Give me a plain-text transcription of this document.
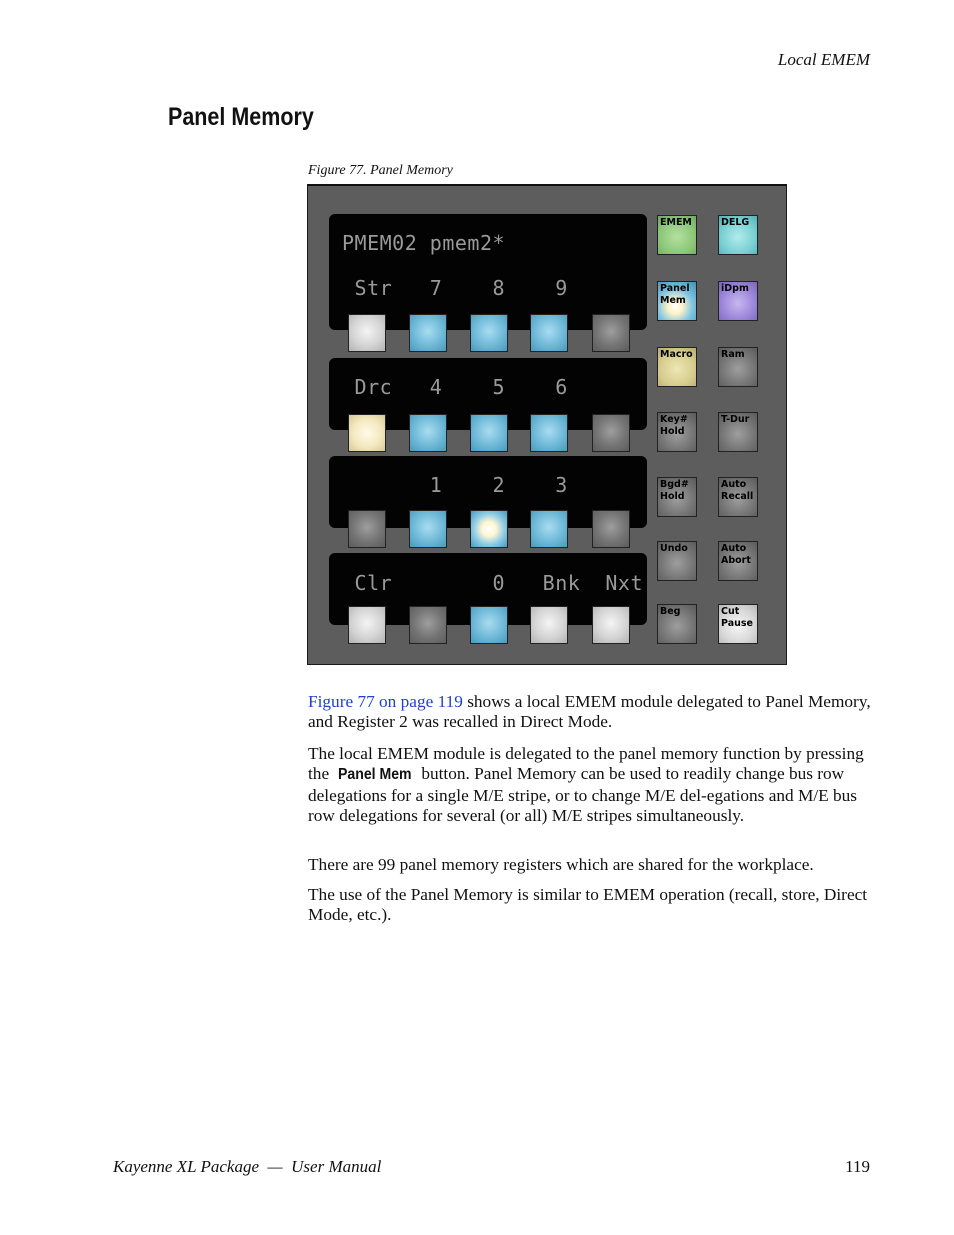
Local EMEM
Panel Memory
Figure 77. Panel Memory
PMEM02 pmem2*
Str   7    8    9
Drc   4    5    6
1    2    3
Clr        0   Bnk  Nxt
EMEM	DELG
Panel
Mem
iDpm
Macro	Ram
Key#
Hold
T-Dur
Bgd#
Hold
Auto
Recall
Undo	Auto
Abort
Beg	Cut
Pause
Figure 77 on page 119 shows a local EMEM module delegated to Panel Memory, and Register 2 was recalled in Direct Mode.
The local EMEM module is delegated to the panel memory function by pressing the Panel Mem button. Panel Memory can be used to readily change bus row delegations for a single M/E stripe, or to change M/E del-egations and M/E bus row delegations for several (or all) M/E stripes simultaneously.
There are 99 panel memory registers which are shared for the workplace.
The use of the Panel Memory is similar to EMEM operation (recall, store, Direct Mode, etc.).
Kayenne XL Package  —  User Manual	119
